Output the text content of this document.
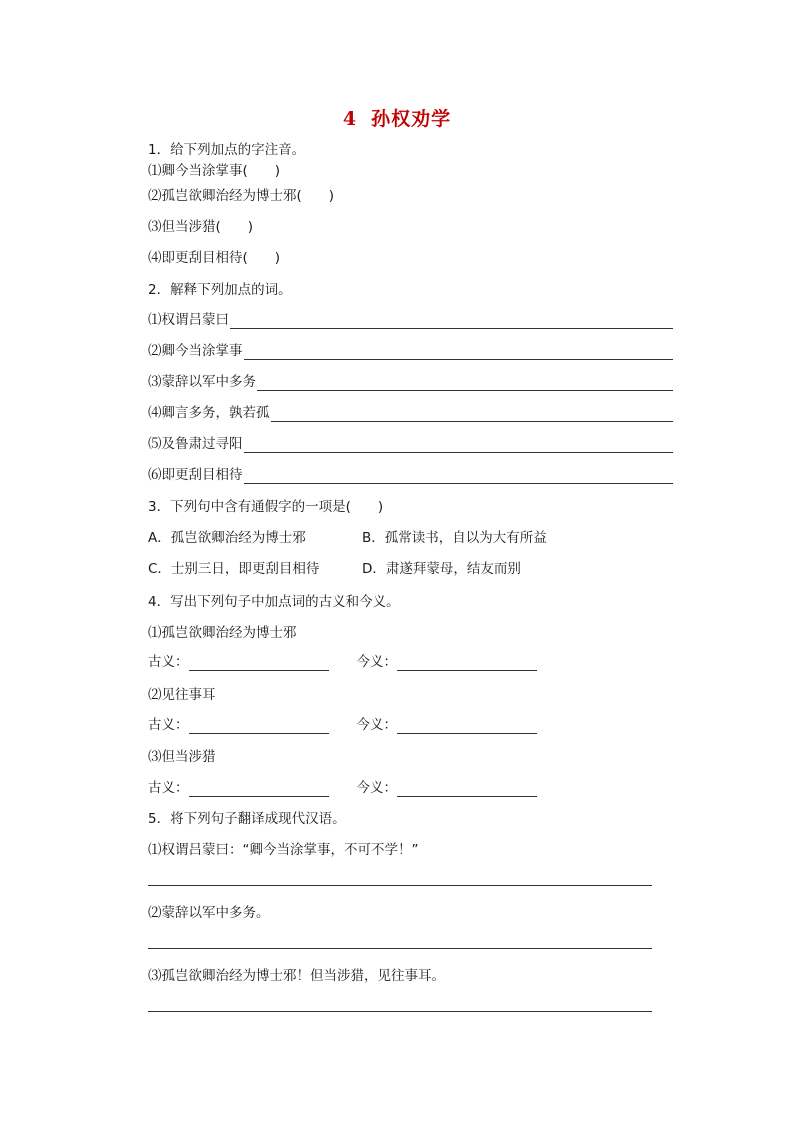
4 孙权劝学
1．给下列加点的字注音。
⑴卿今当涂掌事(　　)
⑵孤岂欲卿治经为博士邪(　　)
⑶但当涉猎(　　)
⑷即更刮目相待(　　)
2．解释下列加点的词。
⑴权谓吕蒙曰
⑵卿今当涂掌事
⑶蒙辞以军中多务
⑷卿言多务，孰若孤
⑸及鲁肃过寻阳
⑹即更刮目相待
3．下列句中含有通假字的一项是(　　)
A．孤岂欲卿治经为博士邪	B．孤常读书，自以为大有所益
C．士别三日，即更刮目相待	D．肃遂拜蒙母，结友而别
4．写出下列句子中加点词的古义和今义。
⑴孤岂欲卿治经为博士邪
古义：	今义：
⑵见往事耳
古义：	今义：
⑶但当涉猎
古义：	今义：
5．将下列句子翻译成现代汉语。
⑴权谓吕蒙曰：“卿今当涂掌事，不可不学！”
⑵蒙辞以军中多务。
⑶孤岂欲卿治经为博士邪！但当涉猎，见往事耳。
